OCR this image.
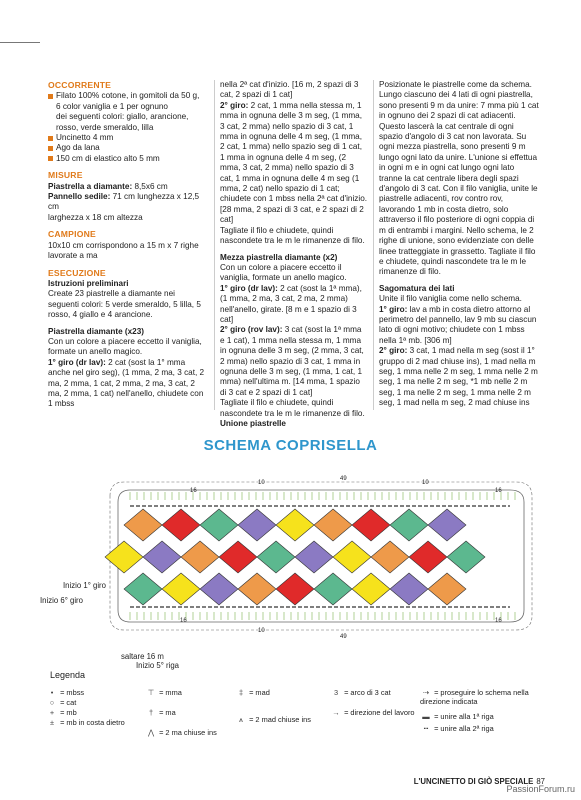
OCCORRENTE
Filato 100% cotone, in gomitoli da 50 g,
6 color vaniglia e 1 per ognuno
dei seguenti colori: giallo, arancione,
rosso, verde smeraldo, lilla
Uncinetto 4 mm
Ago da lana
150 cm di elastico alto 5 mm
MISURE

Piastrella a diamante: 8,5x6 cm

Pannello sedile: 71 cm lunghezza x 12,5 cm

larghezza x 18 cm altezza

CAMPIONE

10x10 cm corrispondono a 15 m x 7 righe

lavorate a ma

ESECUZIONE

Istruzioni preliminari

Create 23 piastrelle a diamante nei seguenti colori: 5 verde smeraldo, 5 lilla, 5 rosso, 4 giallo e 4 arancione.

Piastrella diamante (x23)

Con un colore a piacere eccetto il vaniglia, formate un anello magico.

1° giro (dr lav): 2 cat (sost la 1° mma anche nel giro seg), (1 mma, 2 ma, 3 cat, 2 ma, 2 mma, 1 cat, 2 mma, 2 ma, 3 cat, 2 ma, 2 mma, 1 cat) nell'anello, chiudete con 1 mbss

nella 2ª cat d'inizio. [16 m, 2 spazi di 3 cat, 2 spazi di 1 cat]

2° giro: 2 cat, 1 mma nella stessa m, 1 mma in ognuna delle 3 m seg, (1 mma, 3 cat, 2 mma) nello spazio di 3 cat, 1 mma in ognuna delle 4 m seg, (1 mma, 2 cat, 1 mma) nello spazio seg di 1 cat, 1 mma in ognuna delle 4 m seg, (2 mma, 3 cat, 2 mma) nello spazio di 3 cat, 1 mma in ognuna delle 4 m seg (1 mma, 2 cat) nello spazio di 1 cat; chiudete con 1 mbss nella 2ª cat d'inizio. [28 mma, 2 spazi di 3 cat, e 2 spazi di 2 cat]

Tagliate il filo e chiudete, quindi nascondete tra le m le rimanenze di filo.

Mezza piastrella diamante (x2)

Con un colore a piacere eccetto il vaniglia, formate un anello magico.

1° giro (dr lav): 2 cat (sost la 1ª mma), (1 mma, 2 ma, 3 cat, 2 ma, 2 mma) nell'anello, girate. [8 m e 1 spazio di 3 cat]

2° giro (rov lav): 3 cat (sost la 1ª mma e 1 cat), 1 mma nella stessa m, 1 mma in ognuna delle 3 m seg, (2 mma, 3 cat, 2 mma) nello spazio di 3 cat, 1 mma in ognuna delle 3 m seg, (1 mma, 1 cat, 1 mma) nell'ultima m. [14 mma, 1 spazio di 3 cat e 2 spazi di 1 cat]

Tagliate il filo e chiudete, quindi nascondete tra le m le rimanenze di filo.

Unione piastrelle

Posizionate le piastrelle come da schema. Lungo ciascuno dei 4 lati di ogni piastrella, sono presenti 9 m da unire: 7 mma più 1 cat in ognuno dei 2 spazi di cat adiacenti. Questo lascerà la cat centrale di ogni spazio d'angolo di 3 cat non lavorata. Su ogni mezza piastrella, sono presenti 9 m lungo ogni lato da unire. L'unione si effettua in ogni m e in ogni cat lungo ogni lato tranne la cat centrale libera degli spazi d'angolo di 3 cat. Con il filo vaniglia, unite le piastrelle adiacenti, rov contro rov, lavorando 1 mb in costa dietro, solo attraverso il filo posteriore di ogni coppia di m di entrambi i margini. Nello schema, le 2 righe di unione, sono evidenziate con delle linee tratteggiate in grassetto. Tagliate il filo e chiudete, quindi nascondete tra le m le rimanenze di filo.

Sagomatura dei lati

Unite il filo vaniglia come nello schema.

1° giro: lav a mb in costa dietro attorno al perimetro del pannello, lav 9 mb su ciascun lato di ogni motivo; chiudete con 1 mbss nella 1ª mb. [306 m]

2° giro: 3 cat, 1 mad nella m seg (sost il 1° gruppo di 2 mad chiuse ins), 1 mad nella m seg, 1 mma nelle 2 m seg, 1 mma nelle 2 m seg, 1 ma nelle 2 m seg, *1 mb nelle 2 m seg, 1 ma nelle 2 m seg, 1 mma nelle 2 m seg, 1 mad nella m seg, 2 mad chiuse ins

SCHEMA COPRISELLA
16
10
49
10
16
16
10
49
16
Inizio 1° giro
Inizio 6° giro
saltare 16 m
Inizio 5° riga
Legenda
• = mbss
○ = cat
+ = mb
± = mb in costa dietro
⊤ = mma
† = ma
⋀ = 2 ma chiuse ins
‡ = mad
⩚ = 2 mad chiuse ins
3 = arco di 3 cat
→ = direzione del lavoro
⇢ = proseguire lo schema nella direzione indicata
▬ = unire alla 1ª riga
┅ = unire alla 2ª riga
L'UNCINETTO DI GIÒ SPECIALE 87
PassionForum.ru
